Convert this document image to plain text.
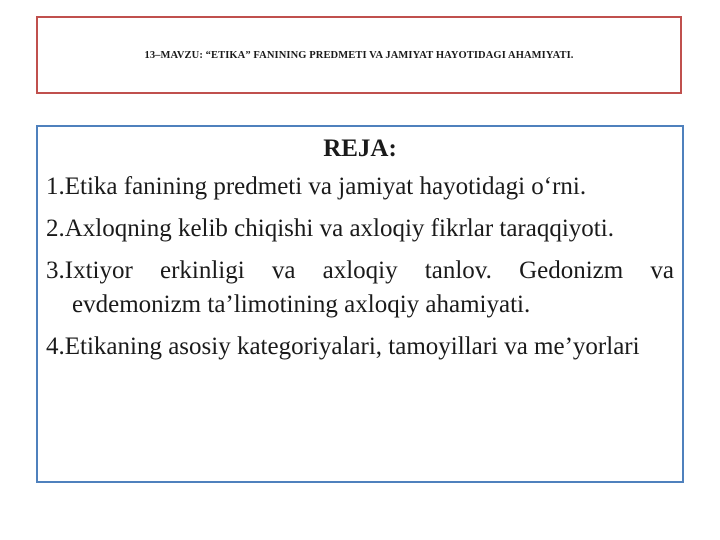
13–MAVZU: “ETIKA” FANINING PREDMETI VA JAMIYAT HAYOTIDAGI AHAMIYATI.
REJA:
1.Etika fanining predmeti va jamiyat hayotidagi o‘rni.
2.Axloqning kelib chiqishi va axloqiy fikrlar taraqqiyoti.
3.Ixtiyor erkinligi va axloqiy tanlov. Gedonizm va evdemonizm ta’limotining axloqiy ahamiyati.
4.Etikaning asosiy kategoriyalari, tamoyillari va me’yorlari
